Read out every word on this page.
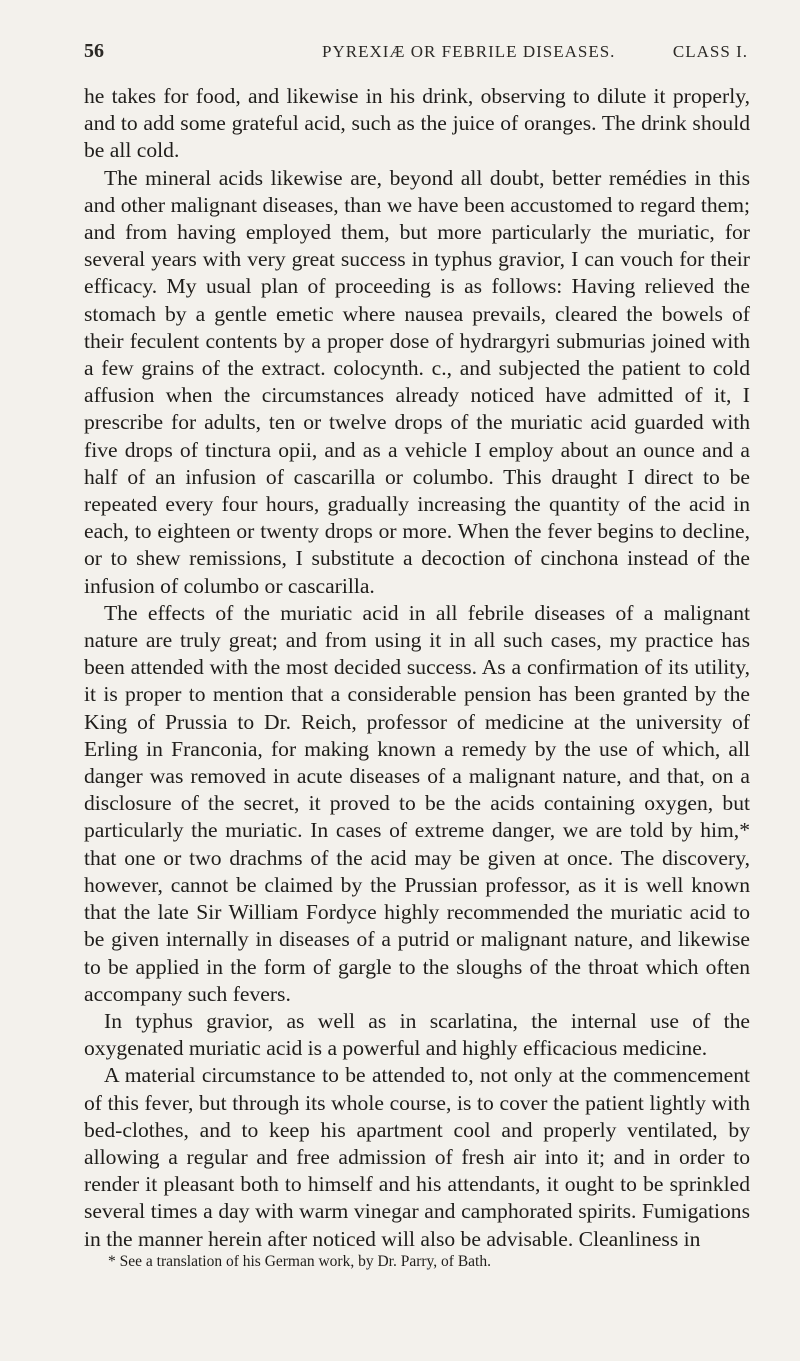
56	PYREXIÆ OR FEBRILE DISEASES.	CLASS I.

he takes for food, and likewise in his drink, observing to dilute it properly, and to add some grateful acid, such as the juice of oranges. The drink should be all cold.

The mineral acids likewise are, beyond all doubt, better remédies in this and other malignant diseases, than we have been accustomed to regard them; and from having employed them, but more particularly the muriatic, for several years with very great success in typhus gravior, I can vouch for their efficacy. My usual plan of proceeding is as follows: Having relieved the stomach by a gentle emetic where nausea prevails, cleared the bowels of their feculent contents by a proper dose of hydrargyri submurias joined with a few grains of the extract. colocynth. c., and subjected the patient to cold affusion when the circumstances already noticed have admitted of it, I prescribe for adults, ten or twelve drops of the muriatic acid guarded with five drops of tinctura opii, and as a vehicle I employ about an ounce and a half of an infusion of cascarilla or columbo. This draught I direct to be repeated every four hours, gradually increasing the quantity of the acid in each, to eighteen or twenty drops or more. When the fever begins to decline, or to shew remissions, I substitute a decoction of cinchona instead of the infusion of columbo or cascarilla.

The effects of the muriatic acid in all febrile diseases of a malignant nature are truly great; and from using it in all such cases, my practice has been attended with the most decided success. As a confirmation of its utility, it is proper to mention that a considerable pension has been granted by the King of Prussia to Dr. Reich, professor of medicine at the university of Erling in Franconia, for making known a remedy by the use of which, all danger was removed in acute diseases of a malignant nature, and that, on a disclosure of the secret, it proved to be the acids containing oxygen, but particularly the muriatic. In cases of extreme danger, we are told by him,* that one or two drachms of the acid may be given at once. The discovery, however, cannot be claimed by the Prussian professor, as it is well known that the late Sir William Fordyce highly recommended the muriatic acid to be given internally in diseases of a putrid or malignant nature, and likewise to be applied in the form of gargle to the sloughs of the throat which often accompany such fevers.

In typhus gravior, as well as in scarlatina, the internal use of the oxygenated muriatic acid is a powerful and highly efficacious medicine.

A material circumstance to be attended to, not only at the commencement of this fever, but through its whole course, is to cover the patient lightly with bed-clothes, and to keep his apartment cool and properly ventilated, by allowing a regular and free admission of fresh air into it; and in order to render it pleasant both to himself and his attendants, it ought to be sprinkled several times a day with warm vinegar and camphorated spirits. Fumigations in the manner herein after noticed will also be advisable. Cleanliness in

* See a translation of his German work, by Dr. Parry, of Bath.
